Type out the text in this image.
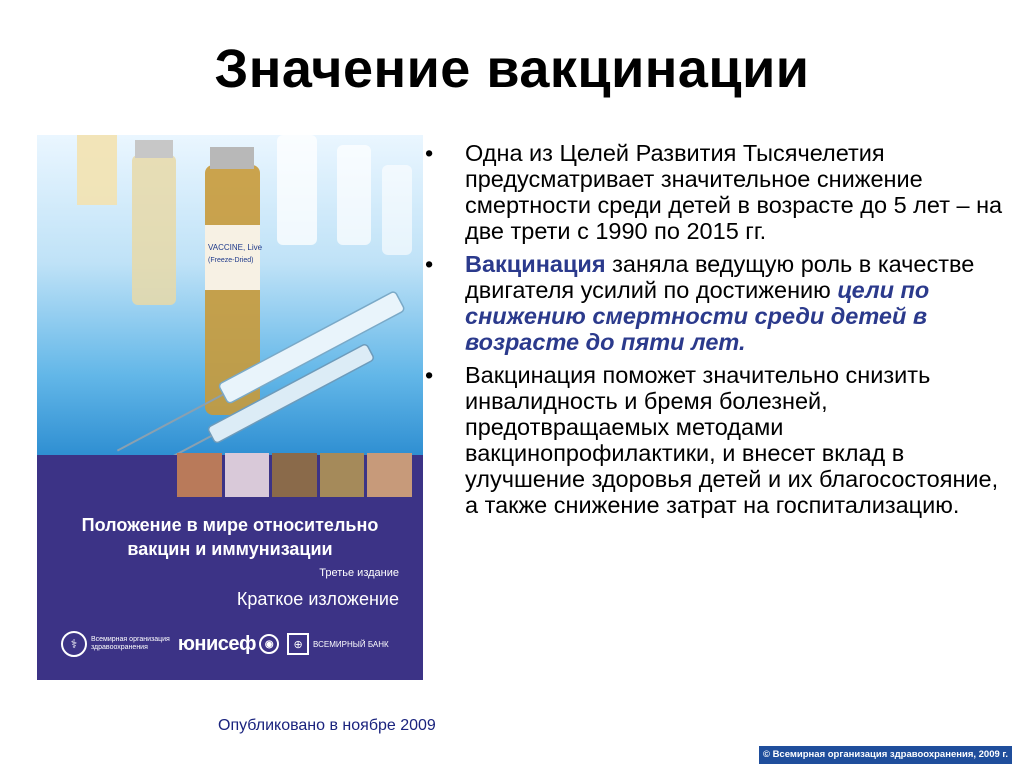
Значение вакцинации
VACCINE, Live
(Freeze-Dried)
Положение в мире относительно
вакцин и иммунизации
Третье издание
Краткое изложение
⚕	Всемирная организация
здравоохранения	юнисеф ◉	⊕	ВСЕМИРНЫЙ БАНК
•	Одна из Целей Развития Тысячелетия предусматривает значительное снижение смертности среди детей в возрасте до 5 лет – на две трети с 1990 по 2015 гг.
•	Вакцинация заняла ведущую роль в качестве двигателя усилий по достижению цели по снижению смертности среди детей в возрасте до пяти лет.
•	Вакцинация поможет значительно снизить инвалидность и бремя болезней, предотвращаемых методами вакцинопрофилактики, и внесет вклад в улучшение здоровья детей и их благосостояние, а также снижение затрат на госпитализацию.
Опубликовано в ноябре 2009
© Всемирная организация здравоохранения, 2009 г.
